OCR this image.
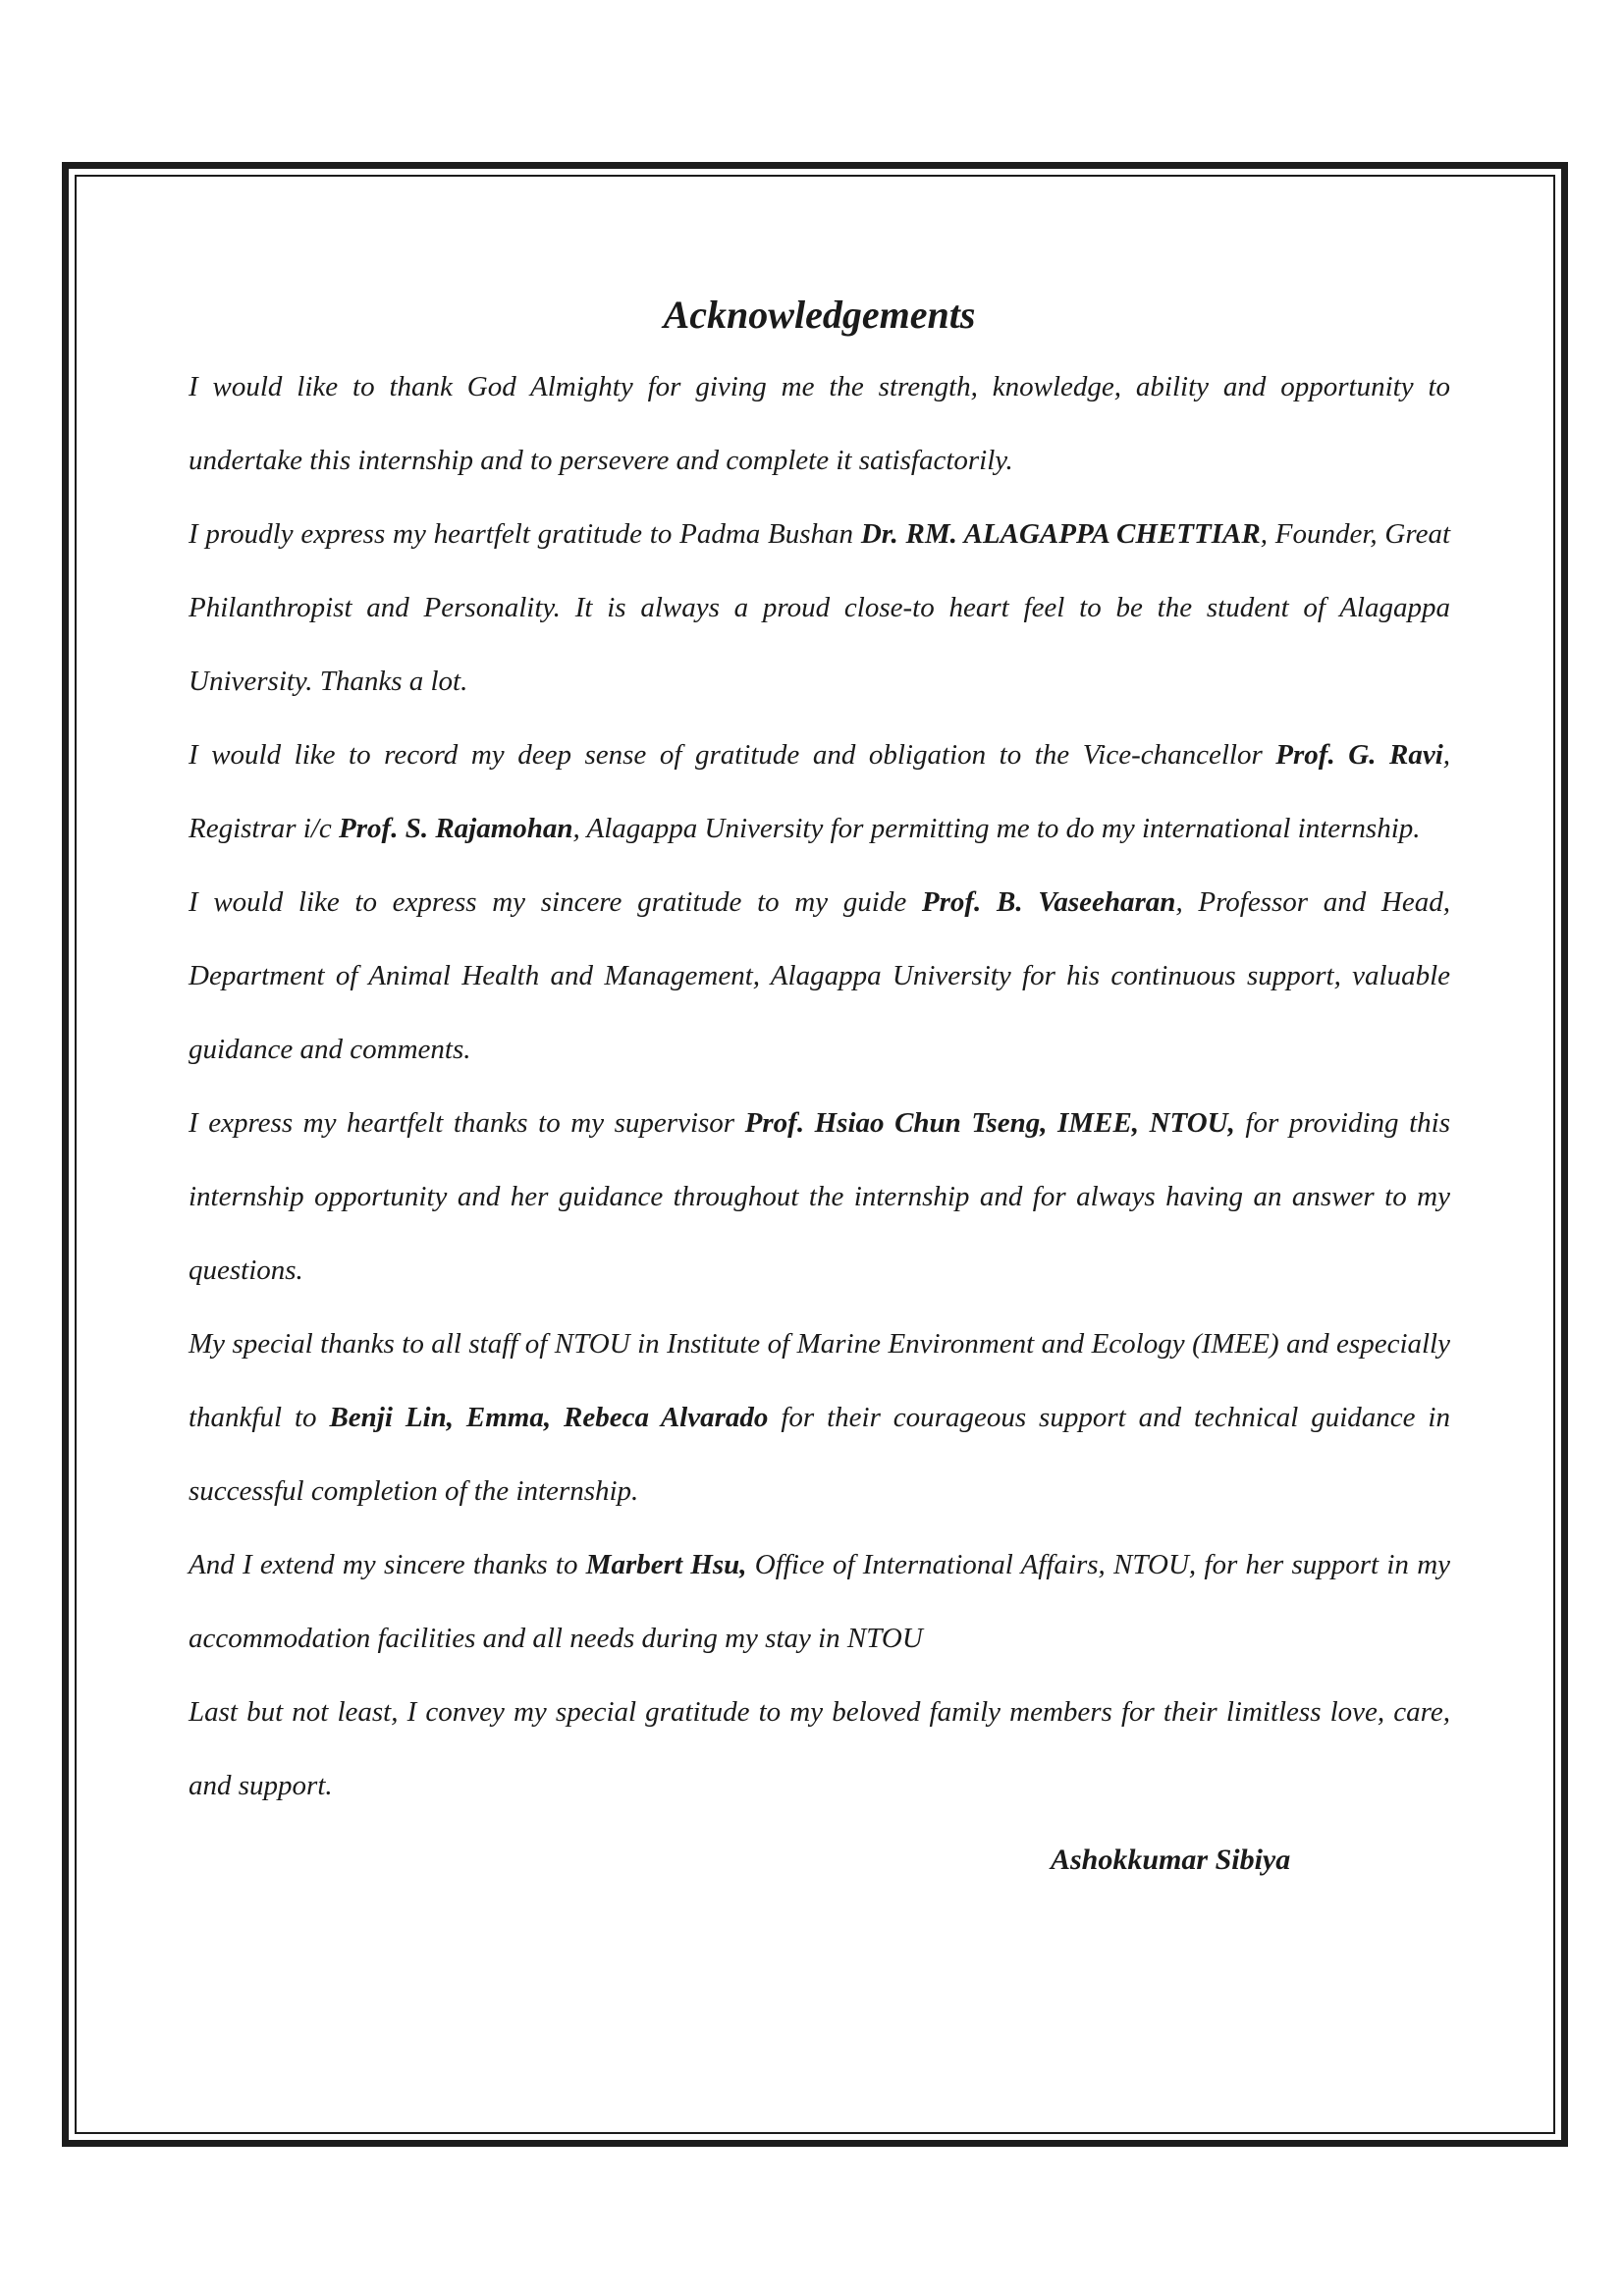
Acknowledgements

I would like to thank God Almighty for giving me the strength, knowledge, ability and opportunity to undertake this internship and to persevere and complete it satisfactorily.

I proudly express my heartfelt gratitude to Padma Bushan Dr. RM. ALAGAPPA CHETTIAR, Founder, Great Philanthropist and Personality. It is always a proud close-to heart feel to be the student of Alagappa University. Thanks a lot.

I would like to record my deep sense of gratitude and obligation to the Vice-chancellor Prof. G. Ravi, Registrar i/c Prof. S. Rajamohan, Alagappa University for permitting me to do my international internship.

I would like to express my sincere gratitude to my guide Prof. B. Vaseeharan, Professor and Head, Department of Animal Health and Management, Alagappa University for his continuous support, valuable guidance and comments.

I express my heartfelt thanks to my supervisor Prof. Hsiao Chun Tseng, IMEE, NTOU, for providing this internship opportunity and her guidance throughout the internship and for always having an answer to my questions.

My special thanks to all staff of NTOU in Institute of Marine Environment and Ecology (IMEE) and especially thankful to Benji Lin, Emma, Rebeca Alvarado for their courageous support and technical guidance in successful completion of the internship.

And I extend my sincere thanks to Marbert Hsu, Office of International Affairs, NTOU, for her support in my accommodation facilities and all needs during my stay in NTOU

Last but not least, I convey my special gratitude to my beloved family members for their limitless love, care, and support.

Ashokkumar Sibiya
